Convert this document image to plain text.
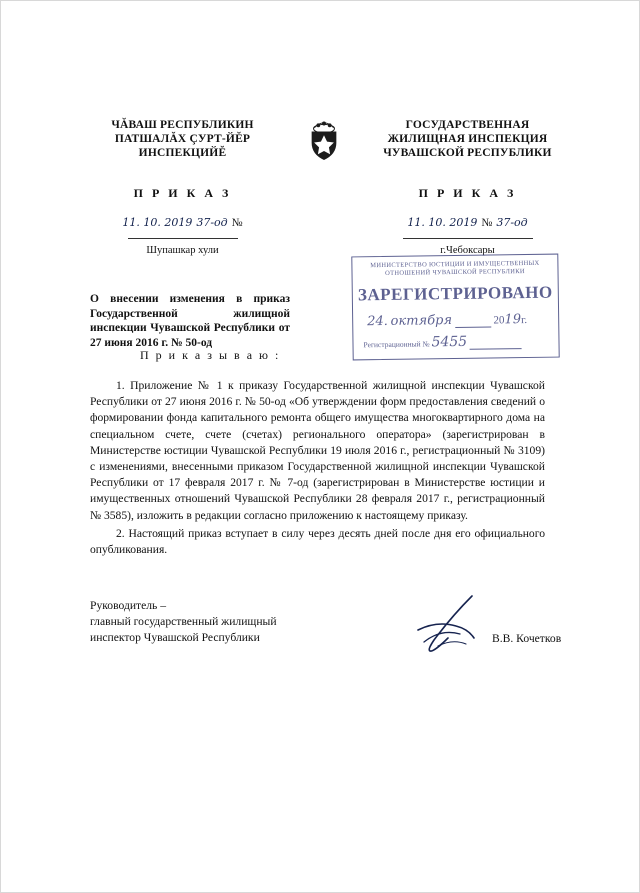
ЧĂВАШ РЕСПУБЛИКИН
ПАТШАЛĂХ ÇУРТ-ЙĔР
ИНСПЕКЦИЙĔ
П Р И К А З
11. 10. 2019 37-од №
Шупашкар хули
ГОСУДАРСТВЕННАЯ
ЖИЛИЩНАЯ ИНСПЕКЦИЯ
ЧУВАШСКОЙ РЕСПУБЛИКИ
П Р И К А З
11. 10. 2019 № 37-од
г.Чебоксары
О внесении изменения в приказ Государственной жилищной инспекции Чувашской Республики от 27 июня 2016 г. № 50-од
МИНИСТЕРСТВО ЮСТИЦИИ И ИМУЩЕСТВЕННЫХ
ОТНОШЕНИЙ ЧУВАШСКОЙ РЕСПУБЛИКИ
ЗАРЕГИСТРИРОВАНО
24. октября	2019г.
Регистрационный № 5455
П р и к а з ы в а ю :

1. Приложение № 1 к приказу Государственной жилищной инспекции Чувашской Республики от 27 июня 2016 г. № 50-од «Об утверждении форм предоставления сведений о формировании фонда капитального ремонта общего имущества многоквартирного дома на специальном счете, счете (счетах) регионального оператора» (зарегистрирован в Министерстве юстиции Чувашской Республики 19 июля 2016 г., регистрационный № 3109) с изменениями, внесенными приказом Государственной жилищной инспекции Чувашской Республики от 17 февраля 2017 г. № 7-од (зарегистрирован в Министерстве юстиции и имущественных отношений Чувашской Республики 28 февраля 2017 г., регистрационный № 3585), изложить в редакции согласно приложению к настоящему приказу.

2. Настоящий приказ вступает в силу через десять дней после дня его официального опубликования.

Руководитель –
главный государственный жилищный
инспектор Чувашской Республики	В.В. Кочетков
